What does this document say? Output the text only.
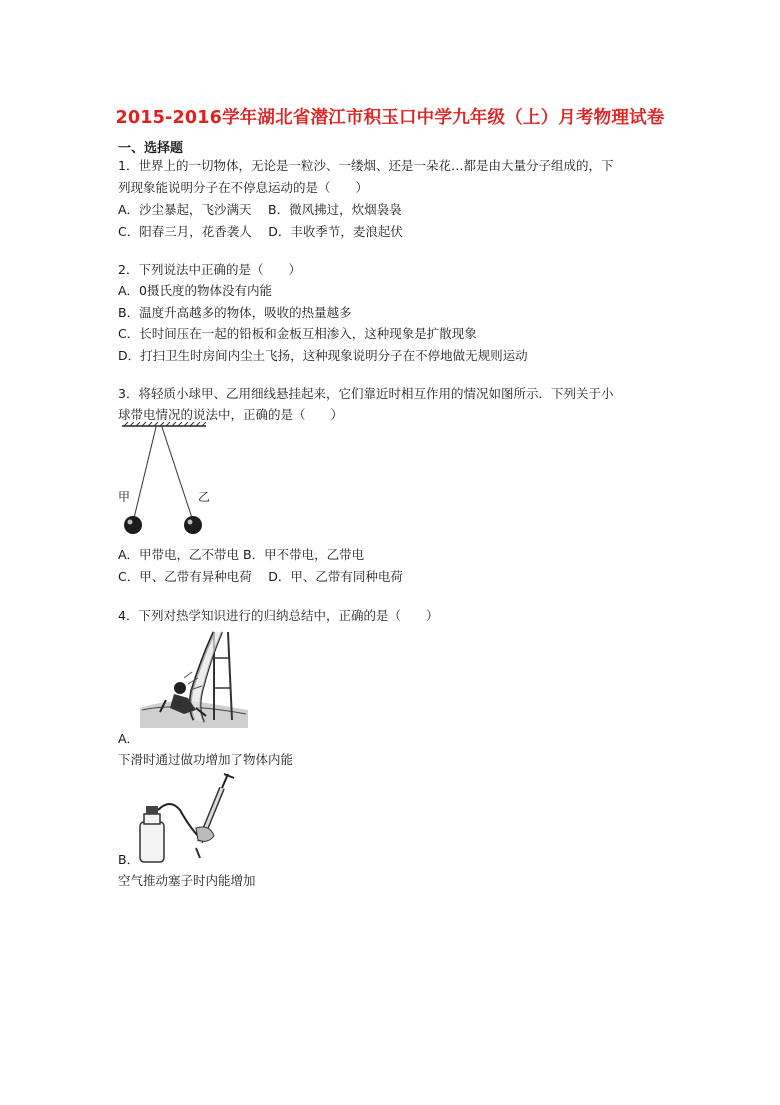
2015-2016学年湖北省潜江市积玉口中学九年级（上）月考物理试卷
一、选择题
1．世界上的一切物体，无论是一粒沙、一缕烟、还是一朵花…都是由大量分子组成的，下
列现象能说明分子在不停息运动的是（　　）
A．沙尘暴起，飞沙满天　 B．微风拂过，炊烟袅袅
C．阳春三月，花香袭人　 D．丰收季节，麦浪起伏
2．下列说法中正确的是（　　）
A．0摄氏度的物体没有内能
B．温度升高越多的物体，吸收的热量越多
C．长时间压在一起的铅板和金板互相渗入，这种现象是扩散现象
D．打扫卫生时房间内尘土飞扬，这种现象说明分子在不停地做无规则运动
3．将轻质小球甲、乙用细线悬挂起来，它们靠近时相互作用的情况如图所示．下列关于小
球带电情况的说法中，正确的是（　　）
甲	乙
A．甲带电，乙不带电 B．甲不带电，乙带电
C．甲、乙带有异种电荷　 D．甲、乙带有同种电荷
4．下列对热学知识进行的归纳总结中，正确的是（　　）
A．
下滑时通过做功增加了物体内能
B．
空气推动塞子时内能增加
